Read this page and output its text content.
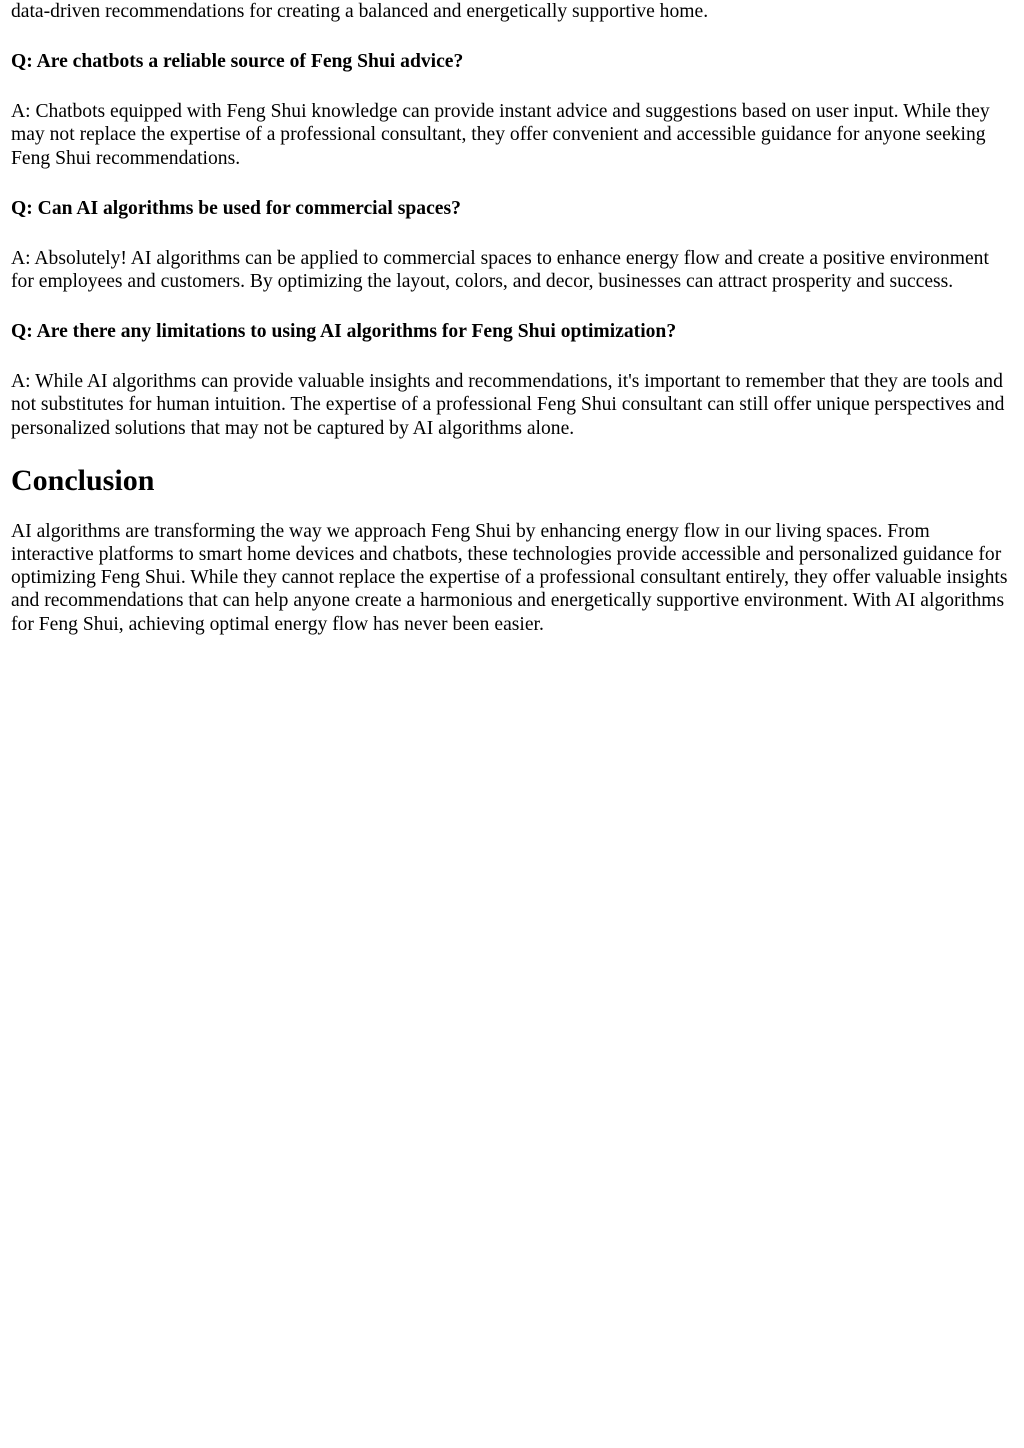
data-driven recommendations for creating a balanced and energetically supportive home.

Q: Are chatbots a reliable source of Feng Shui advice?

A: Chatbots equipped with Feng Shui knowledge can provide instant advice and suggestions based on user input. While they may not replace the expertise of a professional consultant, they offer convenient and accessible guidance for anyone seeking Feng Shui recommendations.

Q: Can AI algorithms be used for commercial spaces?

A: Absolutely! AI algorithms can be applied to commercial spaces to enhance energy flow and create a positive environment for employees and customers. By optimizing the layout, colors, and decor, businesses can attract prosperity and success.

Q: Are there any limitations to using AI algorithms for Feng Shui optimization?

A: While AI algorithms can provide valuable insights and recommendations, it's important to remember that they are tools and not substitutes for human intuition. The expertise of a professional Feng Shui consultant can still offer unique perspectives and personalized solutions that may not be captured by AI algorithms alone.

Conclusion

AI algorithms are transforming the way we approach Feng Shui by enhancing energy flow in our living spaces. From interactive platforms to smart home devices and chatbots, these technologies provide accessible and personalized guidance for optimizing Feng Shui. While they cannot replace the expertise of a professional consultant entirely, they offer valuable insights and recommendations that can help anyone create a harmonious and energetically supportive environment. With AI algorithms for Feng Shui, achieving optimal energy flow has never been easier.
